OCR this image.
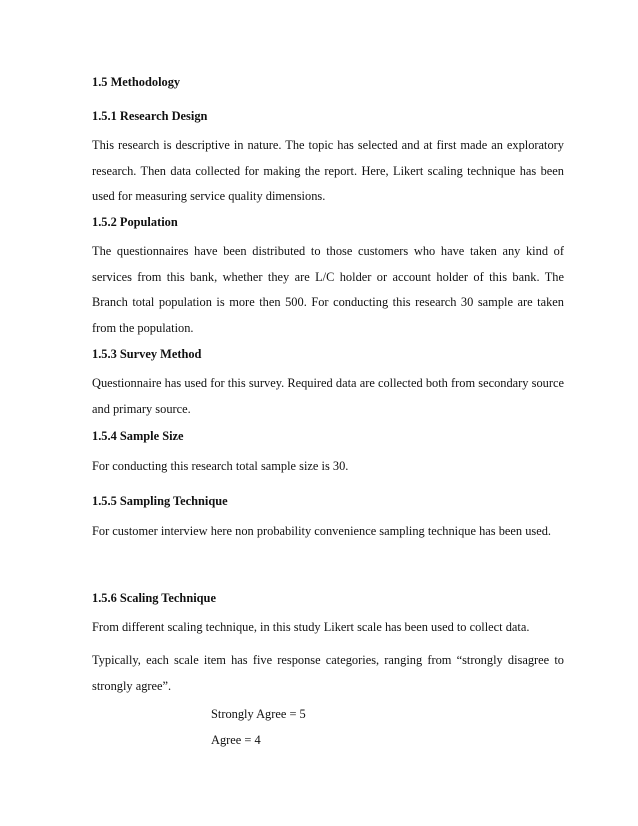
1.5 Methodology

1.5.1 Research Design

This research is descriptive in nature. The topic has selected and at first made an exploratory research. Then data collected for making the report. Here, Likert scaling technique has been used for measuring service quality dimensions.

1.5.2 Population

The questionnaires have been distributed to those customers who have taken any kind of services from this bank, whether they are L/C holder or account holder of this bank. The Branch total population is more then 500. For conducting this research 30 sample are taken from the population.

1.5.3 Survey Method

Questionnaire has used for this survey. Required data are collected both from secondary source and primary source.

1.5.4 Sample Size

For conducting this research total sample size is 30.

1.5.5 Sampling Technique

For customer interview here non probability convenience sampling technique has been used.

1.5.6 Scaling Technique

From different scaling technique, in this study Likert scale has been used to collect data.

Typically, each scale item has five response categories, ranging from “strongly disagree to strongly agree”.

Strongly Agree = 5

Agree = 4
